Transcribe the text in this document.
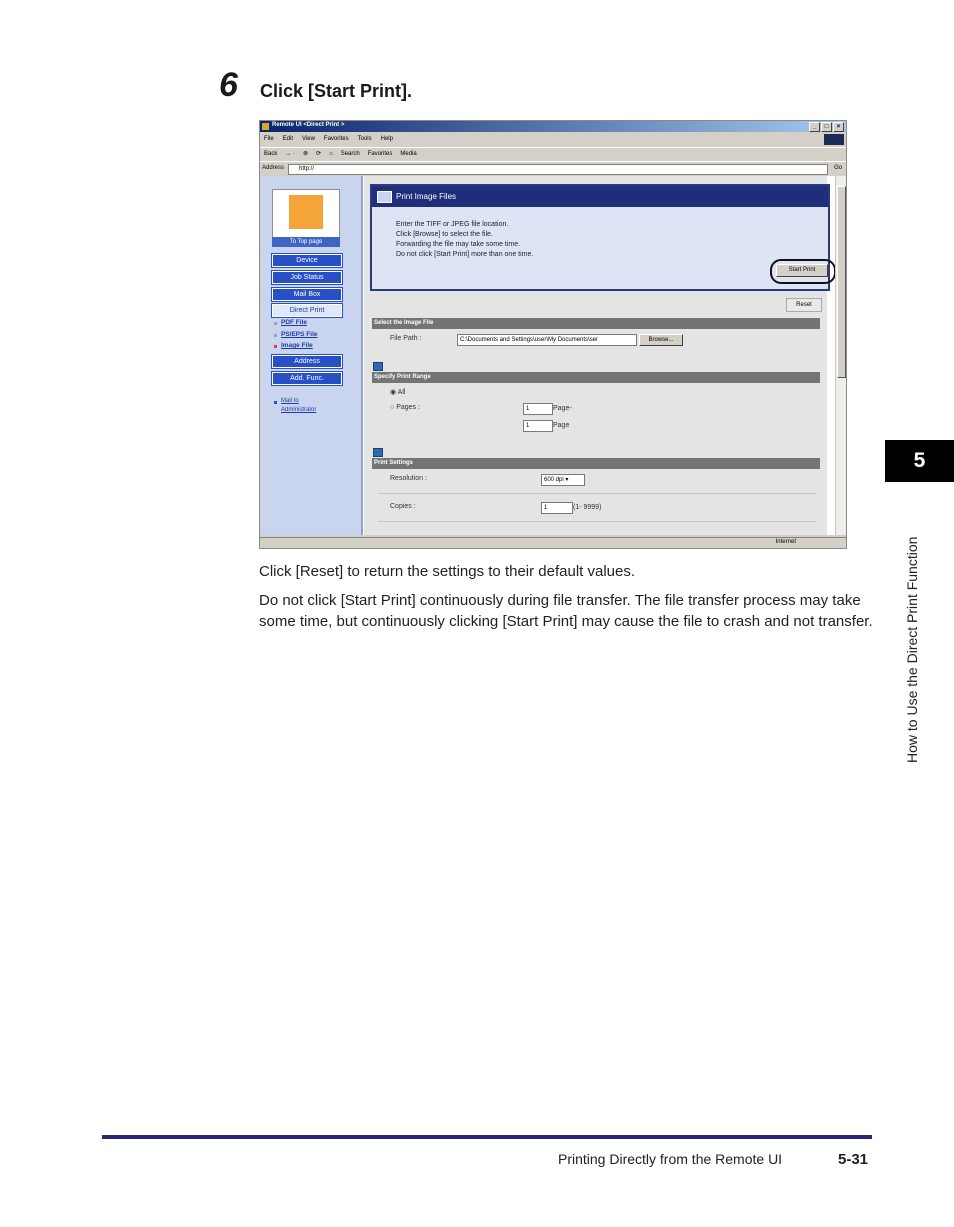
6 Click [Start Print].
Remote UI <Direct Print >	_	□	×
File Edit View Favorites Tools Help
Back → · ⊗ ⟳ ⌂ Search Favorites Media
Address	http://	Go
To Top page
Device
Job Status
Mail Box
Direct Print
PDF File
PS/EPS File
Image File
Address
Add. Func.
Mail to
Administrator
Print Image Files
Enter the TIFF or JPEG file location.
Click [Browse] to select the file.
Forwarding the file may take some time.
Do not click [Start Print] more than one time.
Start Print
Reset
Select the Image File
File Path :	C:\Documents and Settings\user\My Documents\ser	Browse...
Specify Print Range
◉ All
○ Pages :	1	Page-
1	Page
Print Settings
Resolution :	600 dpi ▾
Copies :	1	(1- 9999)
Internet
Click [Reset] to return the settings to their default values.
Do not click [Start Print] continuously during file transfer. The file transfer process may take some time, but continuously clicking [Start Print] may cause the file to crash and not transfer.
5
How to Use the Direct Print Function
Printing Directly from the Remote UI	5-31
